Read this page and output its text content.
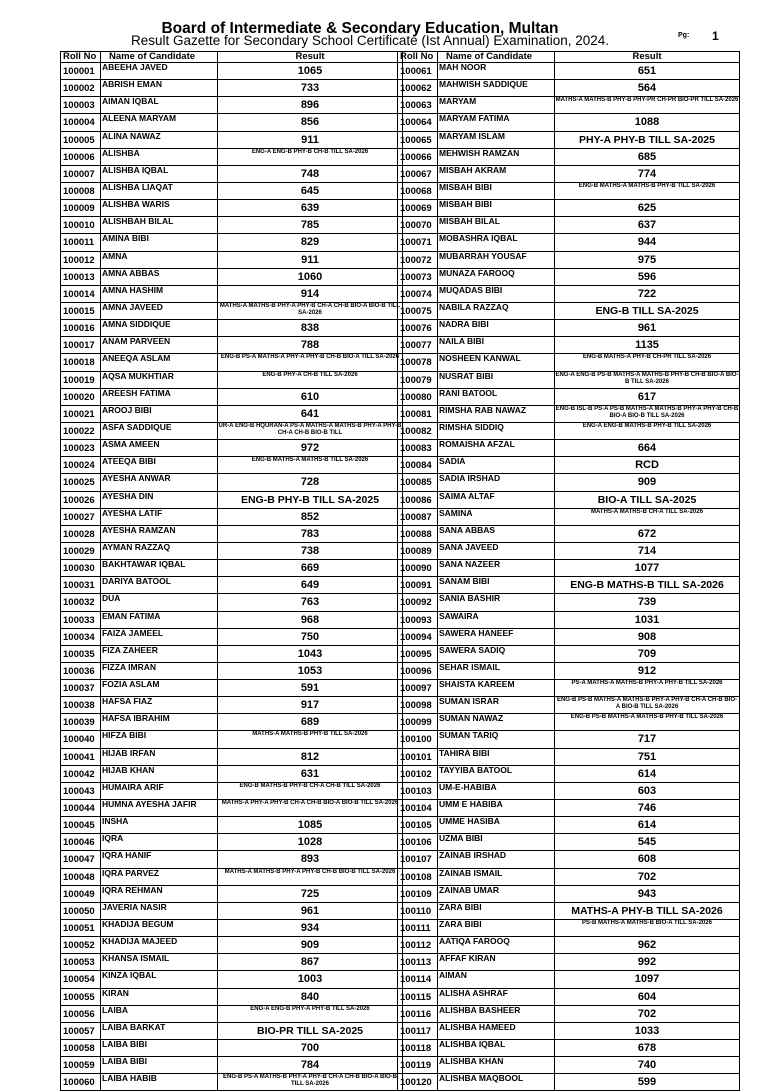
Board of Intermediate & Secondary Education, Multan
Result Gazette for Secondary School Certificate (Ist Annual) Examination, 2024.	Pg: 1
Roll No	Name of Candidate	Result
100001	ABEEHA JAVED	1065
100002	ABRISH EMAN	733
100003	AIMAN IQBAL	896
100004	ALEENA MARYAM	856
100005	ALINA NAWAZ	911
100006	ALISHBA	ENG-A ENG-B PHY-B CH-B TILL SA-2026
100007	ALISHBA IQBAL	748
100008	ALISHBA LIAQAT	645
100009	ALISHBA WARIS	639
100010	ALISHBAH BILAL	785
100011	AMINA BIBI	829
100012	AMNA	911
100013	AMNA ABBAS	1060
100014	AMNA HASHIM	914
100015	AMNA JAVEED	MATHS-A MATHS-B PHY-A PHY-B CH-A CH-B BIO-A BIO-B TILL SA-2026
100016	AMNA SIDDIQUE	838
100017	ANAM PARVEEN	788
100018	ANEEQA ASLAM	ENG-B PS-A MATHS-A PHY-A PHY-B CH-B BIO-A TILL SA-2026
100019	AQSA MUKHTIAR	ENG-B PHY-A CH-B TILL SA-2026
100020	AREESH FATIMA	610
100021	AROOJ BIBI	641
100022	ASFA SADDIQUE	UR-A ENG-B HQURAN-A PS-A MATHS-A MATHS-B PHY-A PHY-B CH-A CH-B BIO-B TILL
100023	ASMA AMEEN	972
100024	ATEEQA BIBI	ENG-B MATHS-A MATHS-B TILL SA-2026
100025	AYESHA ANWAR	728
100026	AYESHA DIN	ENG-B PHY-B TILL SA-2025
100027	AYESHA LATIF	852
100028	AYESHA RAMZAN	783
100029	AYMAN RAZZAQ	738
100030	BAKHTAWAR IQBAL	669
100031	DARIYA BATOOL	649
100032	DUA	763
100033	EMAN FATIMA	968
100034	FAIZA JAMEEL	750
100035	FIZA ZAHEER	1043
100036	FIZZA IMRAN	1053
100037	FOZIA ASLAM	591
100038	HAFSA FIAZ	917
100039	HAFSA IBRAHIM	689
100040	HIFZA BIBI	MATHS-A MATHS-B PHY-B TILL SA-2026
100041	HIJAB IRFAN	812
100042	HIJAB KHAN	631
100043	HUMAIRA ARIF	ENG-B MATHS-B PHY-B CH-A CH-B TILL SA-2026
100044	HUMNA AYESHA JAFIR	MATHS-A PHY-A PHY-B CH-A CH-B BIO-A BIO-B TILL SA-2026
100045	INSHA	1085
100046	IQRA	1028
100047	IQRA HANIF	893
100048	IQRA PARVEZ	MATHS-A MATHS-B PHY-A PHY-B CH-B BIO-B TILL SA-2026
100049	IQRA REHMAN	725
100050	JAVERIA NASIR	961
100051	KHADIJA BEGUM	934
100052	KHADIJA MAJEED	909
100053	KHANSA ISMAIL	867
100054	KINZA IQBAL	1003
100055	KIRAN	840
100056	LAIBA	ENG-A ENG-B PHY-A PHY-B TILL SA-2026
100057	LAIBA BARKAT	BIO-PR TILL SA-2025
100058	LAIBA BIBI	700
100059	LAIBA BIBI	784
100060	LAIBA HABIB	ENG-B PS-A MATHS-B PHY-A PHY-B CH-A CH-B BIO-A BIO-B TILL SA-2026
Roll No	Name of Candidate	Result
100061	MAH NOOR	651
100062	MAHWISH SADDIQUE	564
100063	MARYAM	MATHS-A MATHS-B PHY-B PHY-PR CH-PR BIO-PR TILL SA-2026
100064	MARYAM FATIMA	1088
100065	MARYAM ISLAM	PHY-A PHY-B TILL SA-2025
100066	MEHWISH RAMZAN	685
100067	MISBAH AKRAM	774
100068	MISBAH BIBI	ENG-B MATHS-A MATHS-B PHY-B TILL SA-2026
100069	MISBAH BIBI	625
100070	MISBAH BILAL	637
100071	MOBASHRA IQBAL	944
100072	MUBARRAH YOUSAF	975
100073	MUNAZA FAROOQ	596
100074	MUQADAS BIBI	722
100075	NABILA RAZZAQ	ENG-B TILL SA-2025
100076	NADRA BIBI	961
100077	NAILA BIBI	1135
100078	NOSHEEN KANWAL	ENG-B MATHS-A PHY-B CH-PR TILL SA-2026
100079	NUSRAT BIBI	ENG-A ENG-B PS-B MATHS-A MATHS-B PHY-B CH-B BIO-A BIO-B TILL SA-2026
100080	RANI BATOOL	617
100081	RIMSHA RAB NAWAZ	ENG-B ISL-B PS-A PS-B MATHS-A MATHS-B PHY-A PHY-B CH-B BIO-A BIO-B TILL SA-2026
100082	RIMSHA SIDDIQ	ENG-A ENG-B MATHS-B PHY-B TILL SA-2026
100083	ROMAISHA AFZAL	664
100084	SADIA	RCD
100085	SADIA IRSHAD	909
100086	SAIMA ALTAF	BIO-A TILL SA-2025
100087	SAMINA	MATHS-A MATHS-B CH-A TILL SA-2026
100088	SANA ABBAS	672
100089	SANA JAVEED	714
100090	SANA NAZEER	1077
100091	SANAM BIBI	ENG-B MATHS-B TILL SA-2026
100092	SANIA BASHIR	739
100093	SAWAIRA	1031
100094	SAWERA HANEEF	908
100095	SAWERA SADIQ	709
100096	SEHAR ISMAIL	912
100097	SHAISTA KAREEM	PS-A MATHS-A MATHS-B PHY-A PHY-B TILL SA-2026
100098	SUMAN ISRAR	ENG-B PS-B MATHS-A MATHS-B PHY-A PHY-B CH-A CH-B BIO-A BIO-B TILL SA-2026
100099	SUMAN NAWAZ	ENG-B PS-B MATHS-A MATHS-B PHY-B TILL SA-2026
100100	SUMAN TARIQ	717
100101	TAHIRA BIBI	751
100102	TAYYIBA BATOOL	614
100103	UM-E-HABIBA	603
100104	UMM E HABIBA	746
100105	UMME HASIBA	614
100106	UZMA BIBI	545
100107	ZAINAB IRSHAD	608
100108	ZAINAB ISMAIL	702
100109	ZAINAB UMAR	943
100110	ZARA BIBI	MATHS-A PHY-B TILL SA-2026
100111	ZARA BIBI	PS-B MATHS-A MATHS-B BIO-A TILL SA-2026
100112	AATIQA FAROOQ	962
100113	AFFAF KIRAN	992
100114	AIMAN	1097
100115	ALISHA ASHRAF	604
100116	ALISHBA BASHEER	702
100117	ALISHBA HAMEED	1033
100118	ALISHBA IQBAL	678
100119	ALISHBA KHAN	740
100120	ALISHBA MAQBOOL	599
